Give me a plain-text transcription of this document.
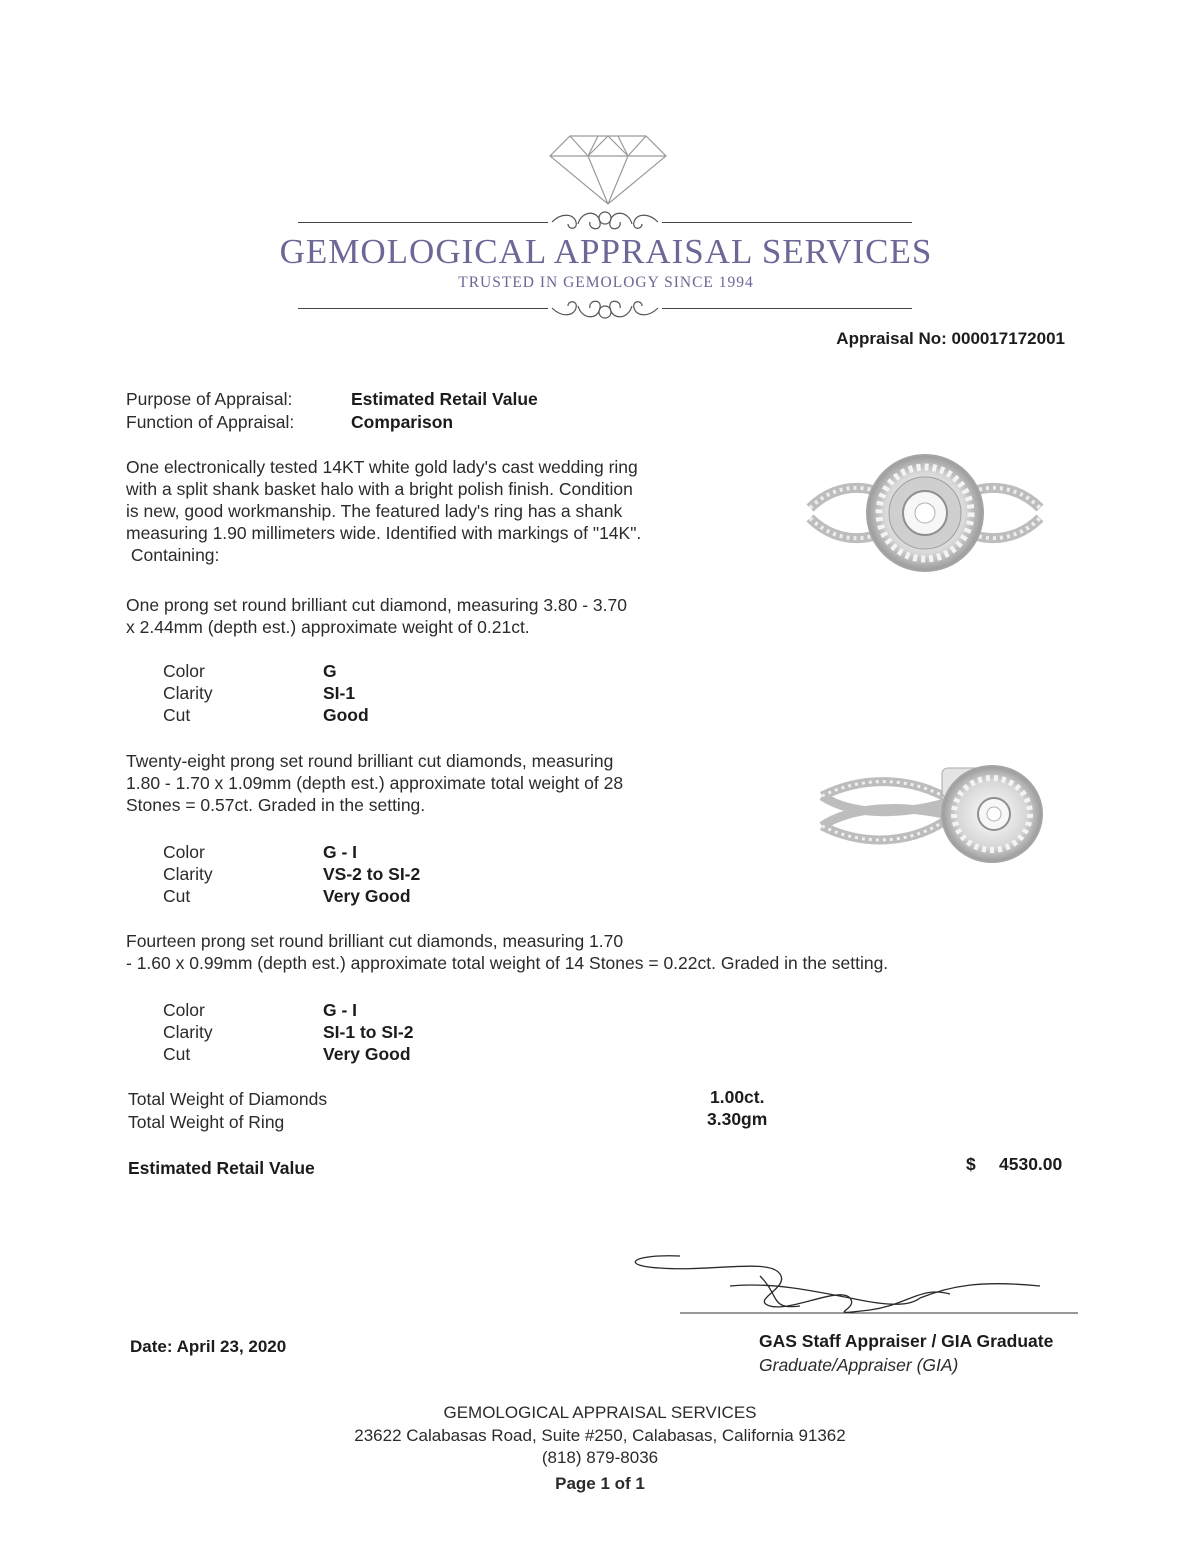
GEMOLOGICAL APPRAISAL SERVICES
TRUSTED IN GEMOLOGY SINCE 1994
Appraisal No: 000017172001
Purpose of Appraisal:	Estimated Retail Value
Function of Appraisal:	Comparison
One electronically tested 14KT white gold lady's cast wedding ring
with a split shank basket halo with a bright polish finish. Condition
is new, good workmanship. The featured lady's ring has a shank
measuring 1.90 millimeters wide. Identified with markings of "14K".
Containing:
One prong set round brilliant cut diamond, measuring 3.80 - 3.70
x 2.44mm (depth est.) approximate weight of 0.21ct.
Color	G
Clarity	SI-1
Cut	Good
Twenty-eight prong set round brilliant cut diamonds, measuring
1.80 - 1.70 x 1.09mm (depth est.) approximate total weight of 28
Stones = 0.57ct. Graded in the setting.
Color	G - I
Clarity	VS-2 to SI-2
Cut	Very Good
Fourteen prong set round brilliant cut diamonds, measuring 1.70
- 1.60 x 0.99mm (depth est.) approximate total weight of 14 Stones = 0.22ct. Graded in the setting.
Color	G - I
Clarity	SI-1 to SI-2
Cut	Very Good
Total Weight of Diamonds	1.00ct.
Total Weight of Ring	3.30gm
Estimated Retail Value	$ 4530.00
Date: April 23, 2020	GAS Staff Appraiser / GIA Graduate
Graduate/Appraiser (GIA)
GEMOLOGICAL APPRAISAL SERVICES
23622 Calabasas Road, Suite #250, Calabasas, California 91362
(818) 879-8036
Page 1 of 1
